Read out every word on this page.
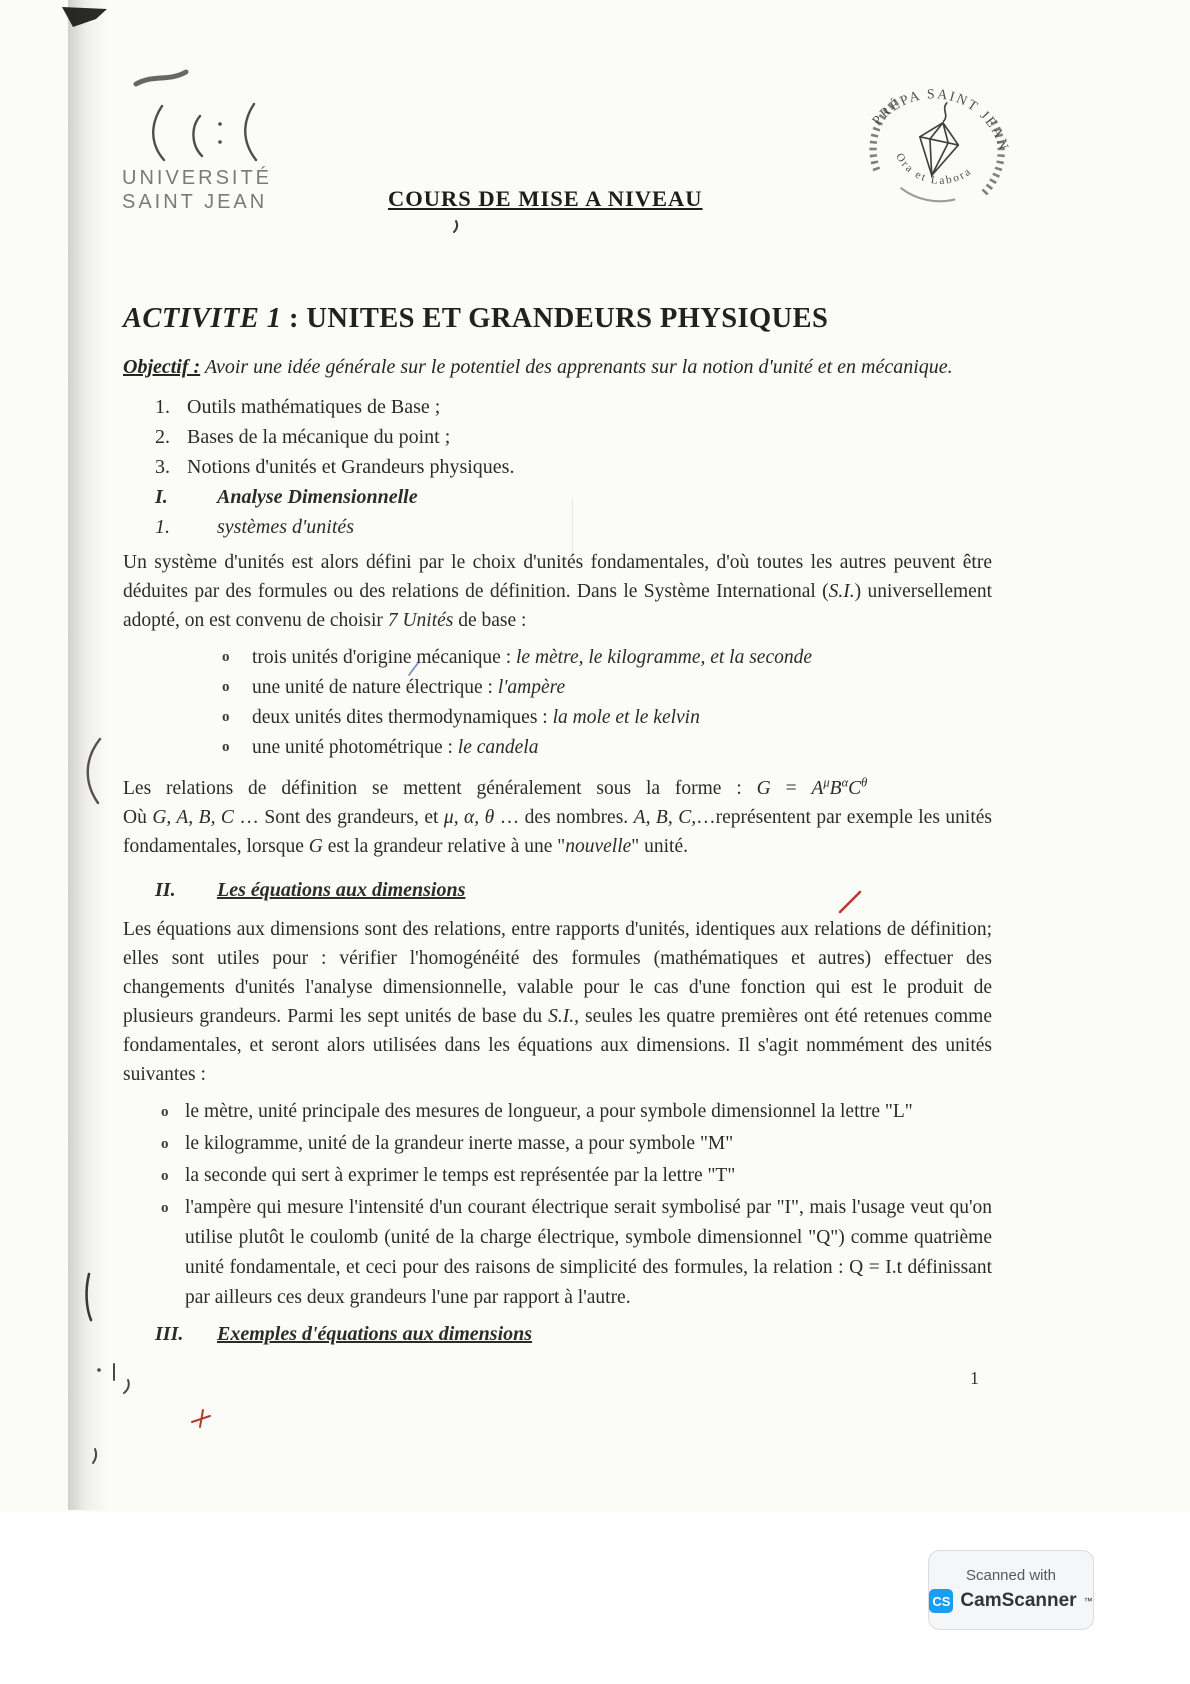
UNIVERSITÉ
SAINT JEAN	COURS DE MISE A NIVEAU
PRÉPA SAINT JEAN
Ora et Labora
ACTIVITE 1 : UNITES ET GRANDEURS PHYSIQUES

Objectif : Avoir une idée générale sur le potentiel des apprenants sur la notion d'unité et en mécanique.

1. Outils mathématiques de Base ;
2. Bases de la mécanique du point ;
3. Notions d'unités et Grandeurs physiques.
I. Analyse Dimensionnelle
1. systèmes d'unités

Un système d'unités est alors défini par le choix d'unités fondamentales, d'où toutes les autres peuvent être déduites par des formules ou des relations de définition. Dans le Système International (S.I.) universellement adopté, on est convenu de choisir 7 Unités de base :

o	trois unités d'origine mécanique : le mètre, le kilogramme, et la seconde
o	une unité de nature électrique : l'ampère
o	deux unités dites thermodynamiques : la mole et le kelvin
o	une unité photométrique : le candela

Les relations de définition se mettent généralement sous la forme : $G = A^\mu B^\alpha C^\theta$
Où G, A, B, C … Sont des grandeurs, et μ, α, θ … des nombres. A, B, C,…représentent par exemple les unités fondamentales, lorsque G est la grandeur relative à une "nouvelle" unité.

II. Les équations aux dimensions

Les équations aux dimensions sont des relations, entre rapports d'unités, identiques aux relations de définition; elles sont utiles pour : vérifier l'homogénéité des formules (mathématiques et autres) effectuer des changements d'unités l'analyse dimensionnelle, valable pour le cas d'une fonction qui est le produit de plusieurs grandeurs. Parmi les sept unités de base du S.I., seules les quatre premières ont été retenues comme fondamentales, et seront alors utilisées dans les équations aux dimensions. Il s'agit nommément des unités suivantes :

o le mètre, unité principale des mesures de longueur, a pour symbole dimensionnel la lettre "L"
o le kilogramme, unité de la grandeur inerte masse, a pour symbole "M"
o la seconde qui sert à exprimer le temps est représentée par la lettre "T"
o l'ampère qui mesure l'intensité d'un courant électrique serait symbolisé par "I", mais l'usage veut qu'on utilise plutôt le coulomb (unité de la charge électrique, symbole dimensionnel "Q") comme quatrième unité fondamentale, et ceci pour des raisons de simplicité des formules, la relation : Q = I.t définissant par ailleurs ces deux grandeurs l'une par rapport à l'autre.
III. Exemples d'équations aux dimensions
1
Scanned with
CS CamScanner ™
